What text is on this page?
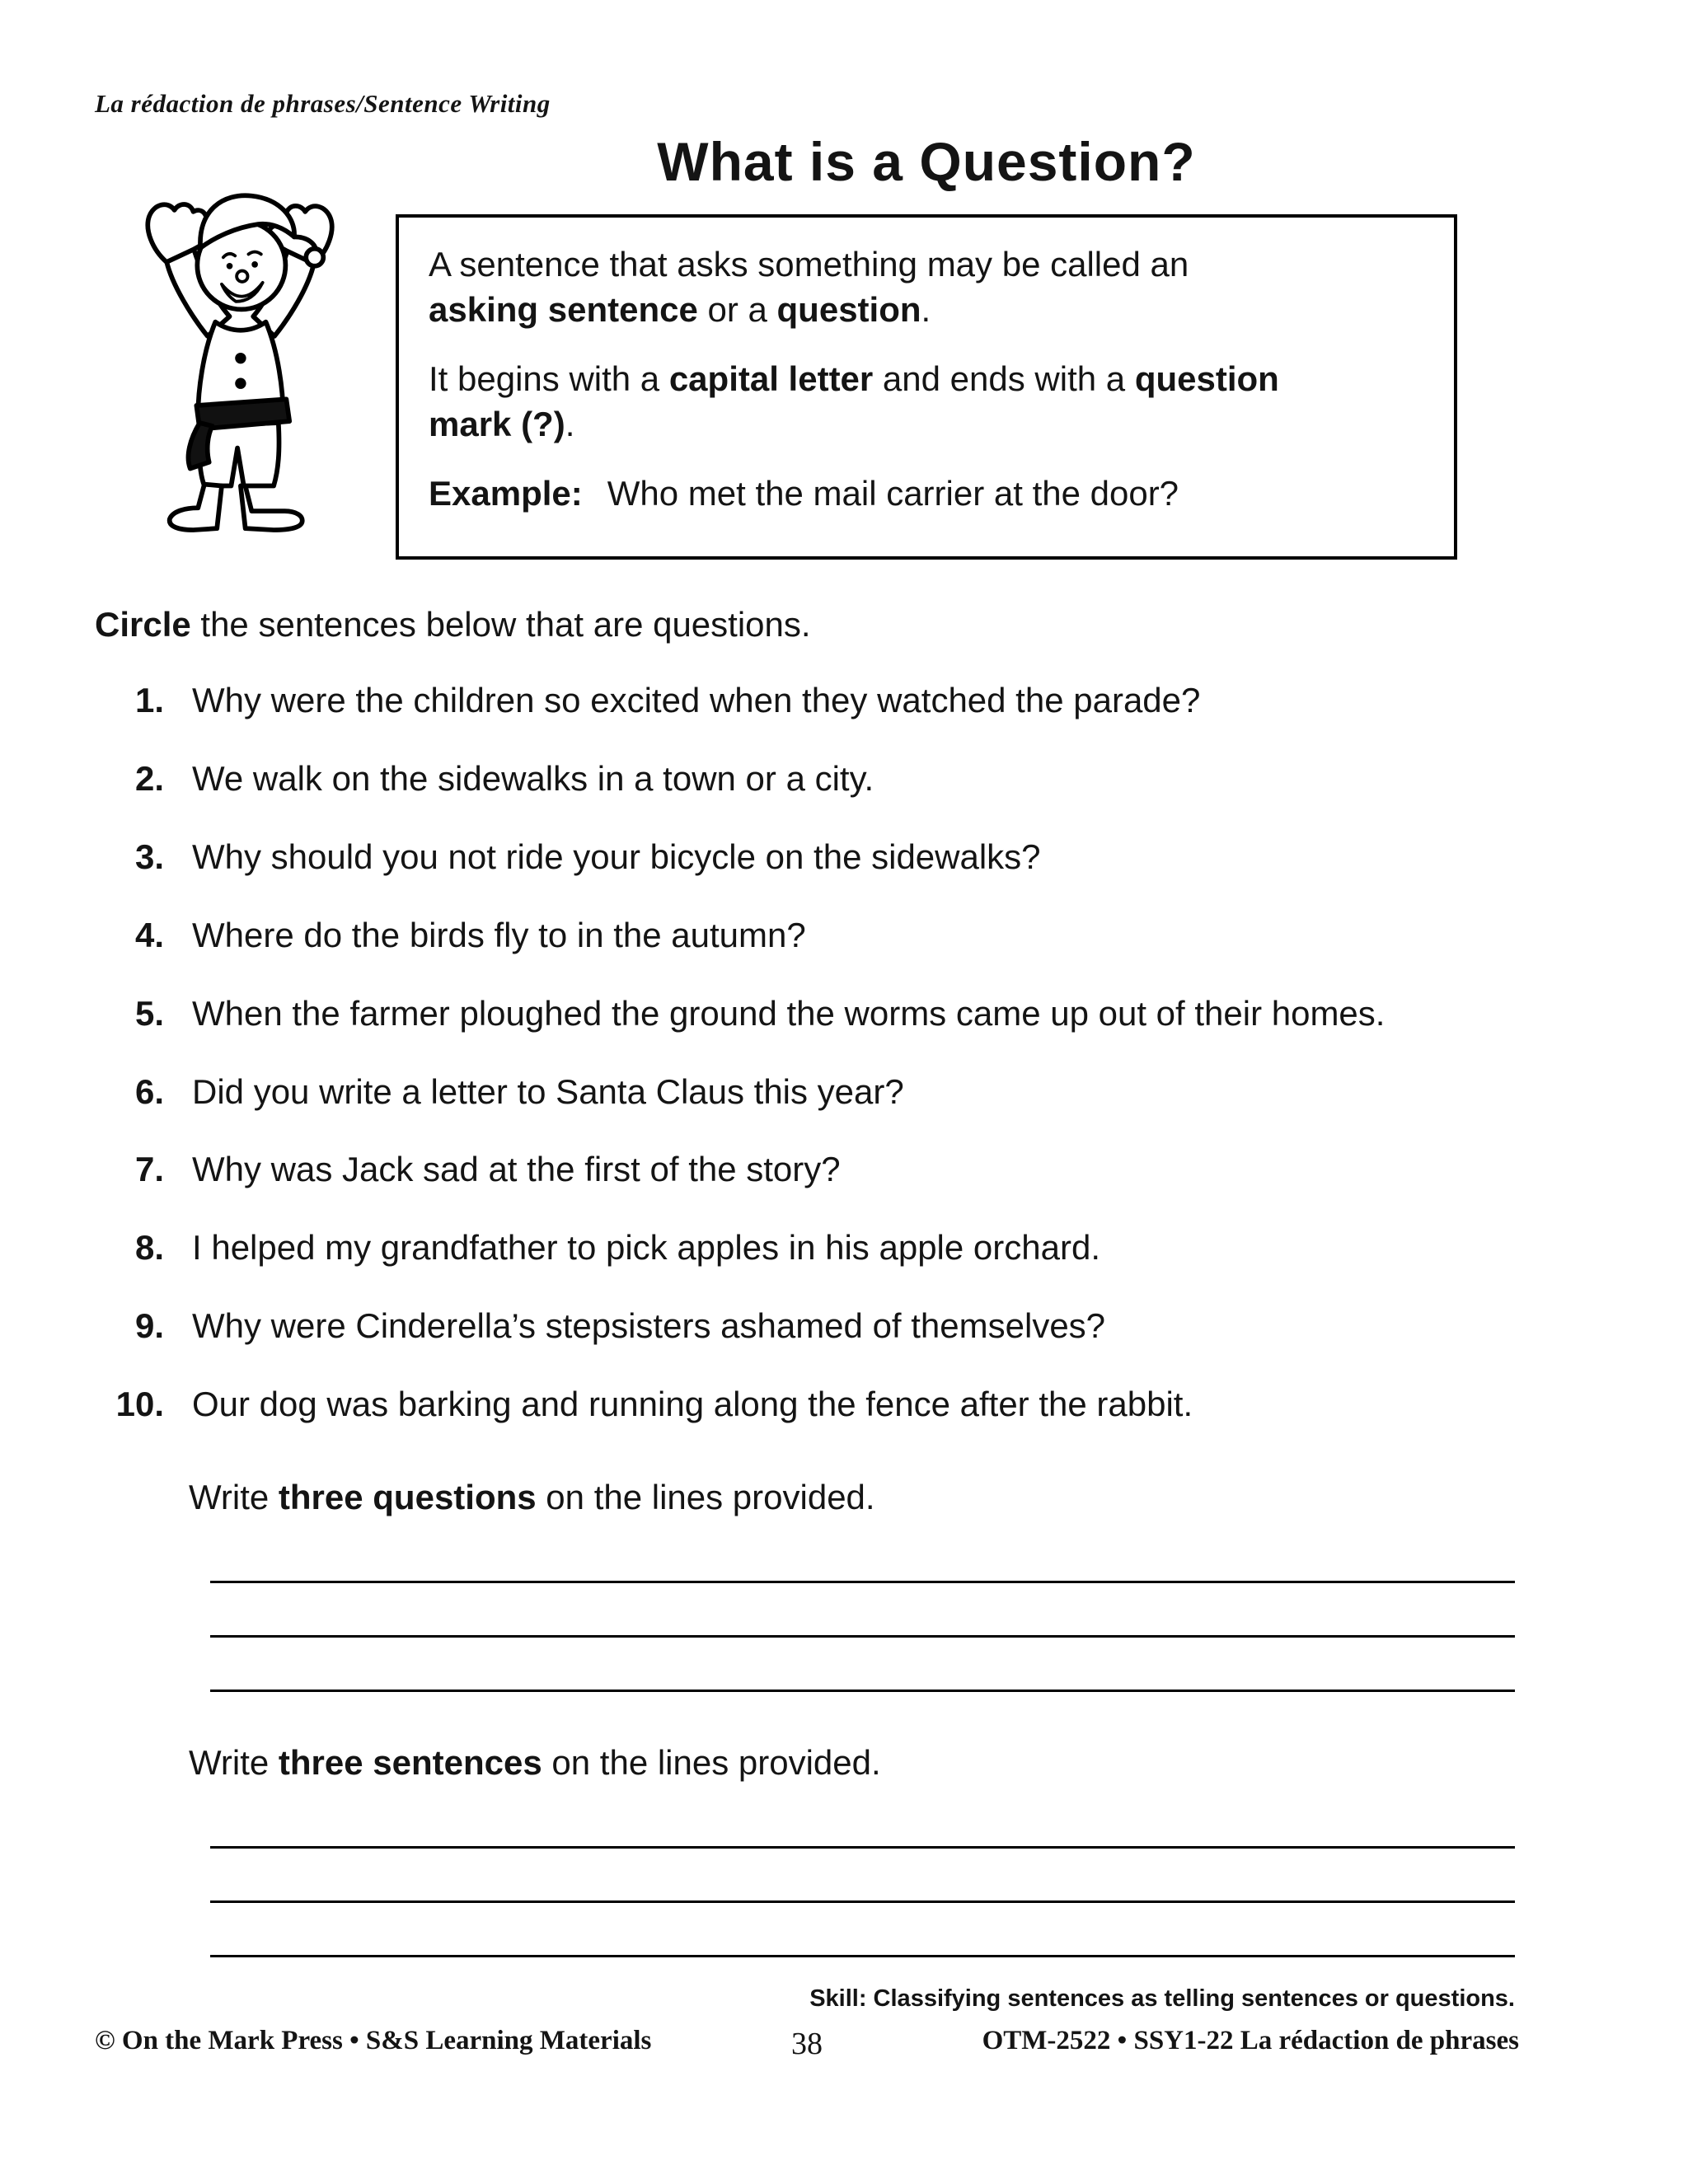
La rédaction de phrases/Sentence Writing
What is a Question?
A sentence that asks something may be called an
asking sentence or a question.
It begins with a capital letter and ends with a question
mark (?).
Example: Who met the mail carrier at the door?

Circle the sentences below that are questions.

1. Why were the children so excited when they watched the parade?
2. We walk on the sidewalks in a town or a city.
3. Why should you not ride your bicycle on the sidewalks?
4. Where do the birds fly to in the autumn?
5. When the farmer ploughed the ground the worms came up out of their homes.
6. Did you write a letter to Santa Claus this year?
7. Why was Jack sad at the first of the story?
8. I helped my grandfather to pick apples in his apple orchard.
9. Why were Cinderella’s stepsisters ashamed of themselves?
10. Our dog was barking and running along the fence after the rabbit.

Write three questions on the lines provided.

Write three sentences on the lines provided.

Skill: Classifying sentences as telling sentences or questions.
© On the Mark Press • S&S Learning Materials	38	OTM-2522 • SSY1-22 La rédaction de phrases
